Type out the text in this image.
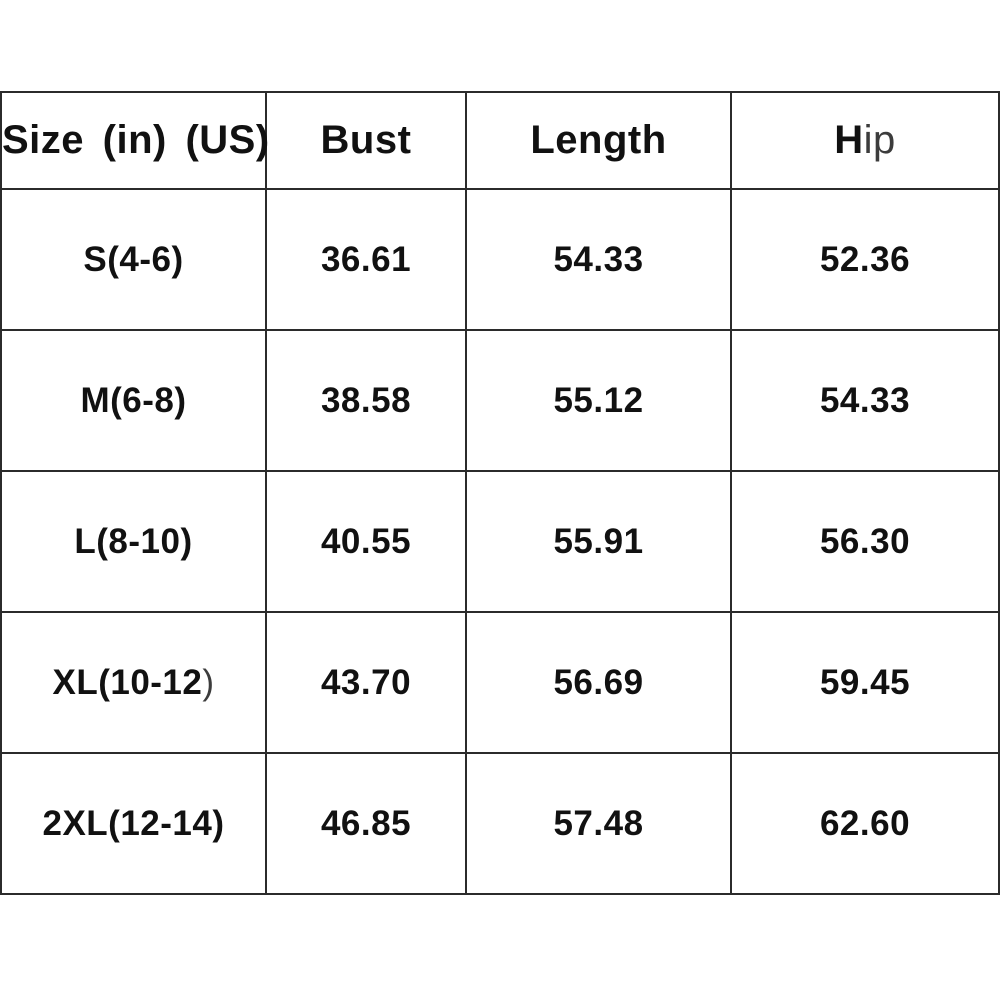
Size (in) (US)	Bust	Length	Hip
S(4-6)	36.61	54.33	52.36
M(6-8)	38.58	55.12	54.33
L(8-10)	40.55	55.91	56.30
XL(10-12)	43.70	56.69	59.45
2XL(12-14)	46.85	57.48	62.60
